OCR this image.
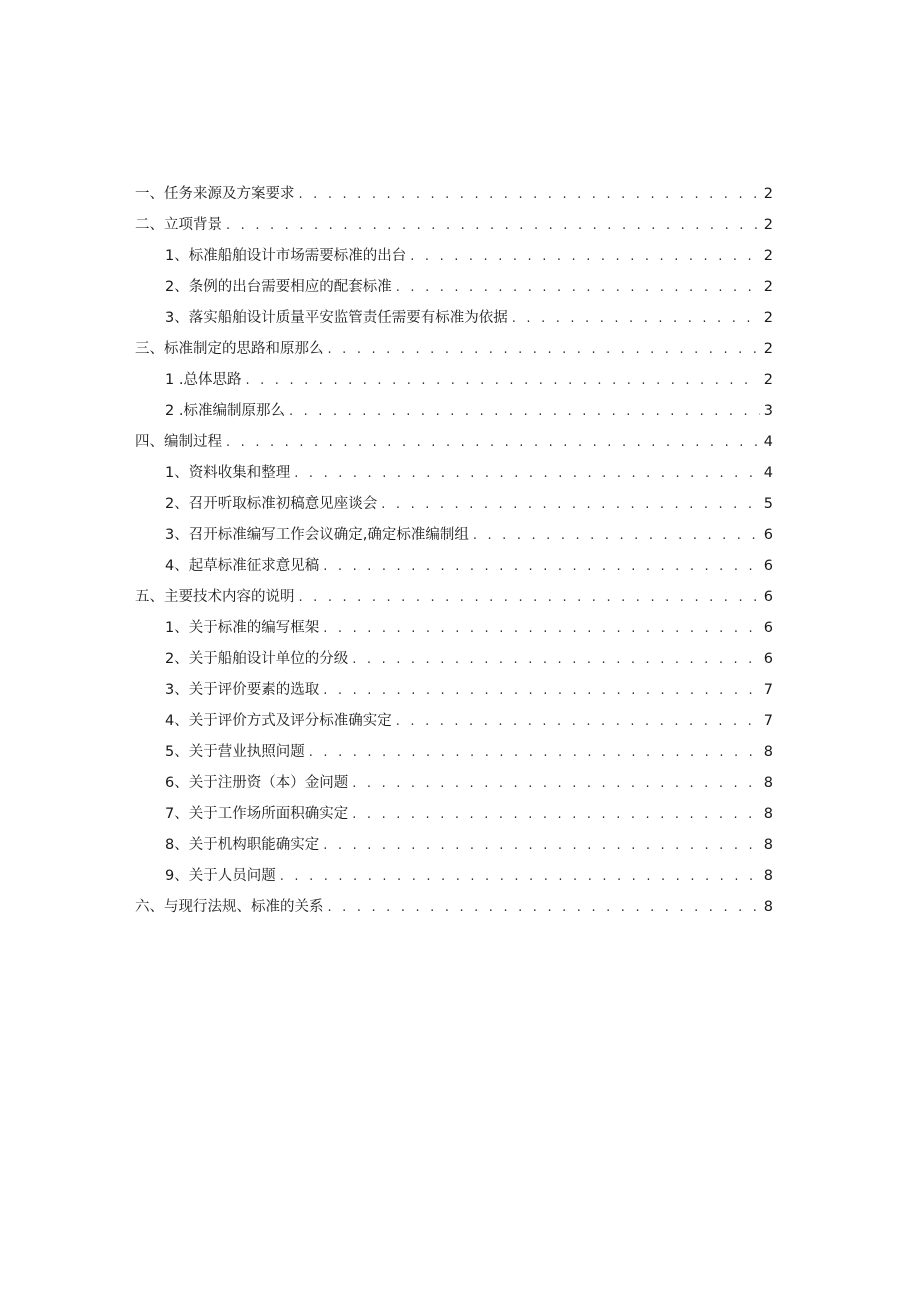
一、任务来源及方案要求 . . .	2
二、立项背景 . . .	2
1、标准船舶设计市场需要标准的出台 . . .	2
2、条例的出台需要相应的配套标准 . . .	2
3、落实船舶设计质量平安监管责任需要有标准为依据 . . .	2
三、标准制定的思路和原那么 . . .	2
1 .总体思路 . . .	2
2 .标准编制原那么 . . .	3
四、编制过程 . . .	4
1、资料收集和整理 . . .	4
2、召开听取标准初稿意见座谈会 . . .	5
3、召开标准编写工作会议确定,确定标准编制组 . . .	6
4、起草标准征求意见稿 . . .	6
五、主要技术内容的说明 . . .	6
1、关于标准的编写框架 . . .	6
2、关于船舶设计单位的分级 . . .	6
3、关于评价要素的选取 . . .	7
4、关于评价方式及评分标准确实定 . . .	7
5、关于营业执照问题 . . .	8
6、关于注册资（本）金问题 . . .	8
7、关于工作场所面积确实定 . . .	8
8、关于机构职能确实定 . . .	8
9、关于人员问题 . . .	8
六、与现行法规、标准的关系 . . .	8
